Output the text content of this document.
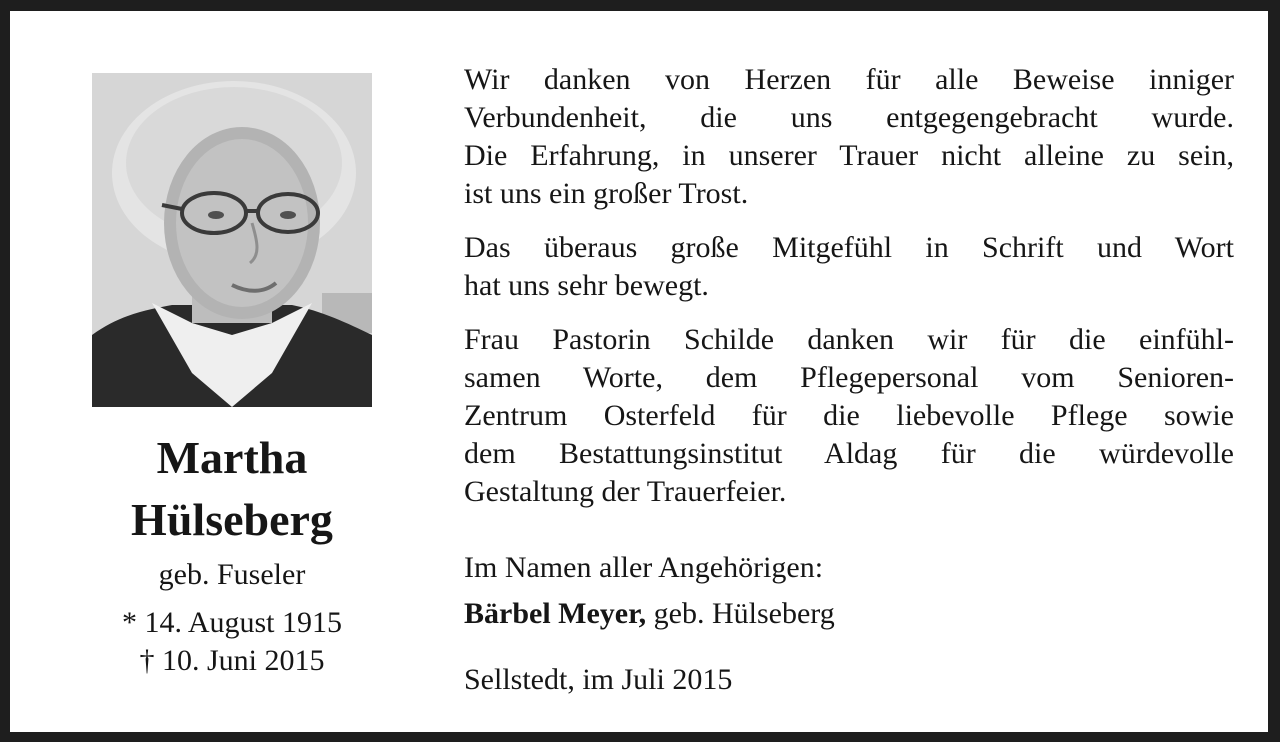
Martha
Hülseberg
geb. Fuseler
* 14. August 1915
† 10. Juni 2015
Wir danken von Herzen für alle Beweise inniger
Verbundenheit, die uns entgegengebracht wurde.
Die Erfahrung, in unserer Trauer nicht alleine zu sein,
ist uns ein großer Trost.
Das überaus große Mitgefühl in Schrift und Wort
hat uns sehr bewegt.
Frau Pastorin Schilde danken wir für die einfühl-
samen Worte, dem Pflegepersonal vom Senioren-
Zentrum Osterfeld für die liebevolle Pflege sowie
dem Bestattungsinstitut Aldag für die würdevolle
Gestaltung der Trauerfeier.
Im Namen aller Angehörigen:
Bärbel Meyer, geb. Hülseberg
Sellstedt, im Juli 2015
